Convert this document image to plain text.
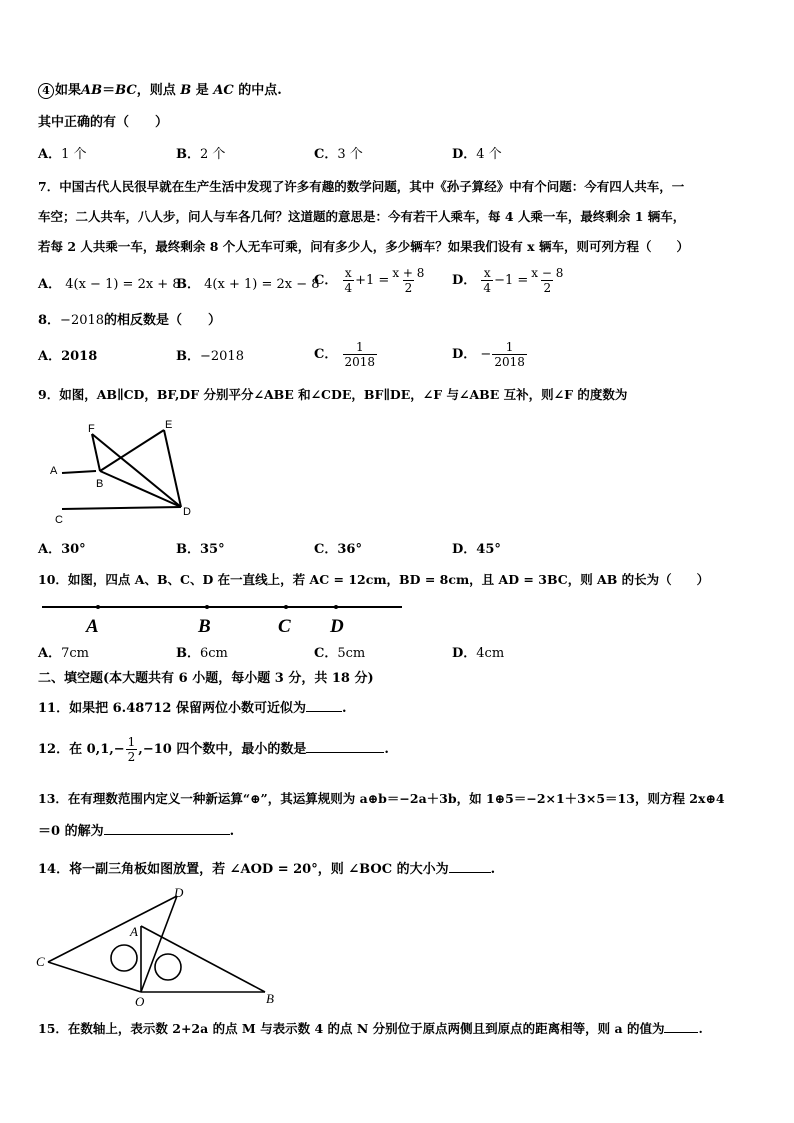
4 如果AB＝BC，则点 B 是 AC 的中点.
其中正确的有（　　）
A．1 个	B．2 个	C．3 个	D．4 个
7．中国古代人民很早就在生产生活中发现了许多有趣的数学问题，其中《孙子算经》中有个问题：今有四人共车，一
车空；二人共车，八人步，问人与车各几何？这道题的意思是：今有若干人乘车，每 4 人乘一车，最终剩余 1 辆车，
若每 2 人共乘一车，最终剩余 8 个人无车可乘，问有多少人，多少辆车？如果我们设有 x 辆车，则可列方程（　　）
A． 4(x − 1) = 2x + 8
B． 4(x + 1) = 2x − 8
C． $\frac{x}{4} +1 = \frac{x + 8}{2}$ D． $\frac{x}{4} -1 = \frac{x - 8}{2}$
8．−2018的相反数是（　　）
A．2018	B．−2018	C． $\frac{1}{2018}$	D． − $\frac{1}{2018}$
9．如图，AB∥CD，BF,DF 分别平分∠ABE 和∠CDE，BF∥DE，∠F 与∠ABE 互补，则∠F 的度数为
F	E
A
B
C
D
A．30°	B．35°	C．36°	D．45°
10．如图，四点 A、B、C、D 在一直线上，若 AC = 12cm，BD = 8cm，且 AD = 3BC，则 AB 的长为（　　）
A	B	C D
A．7cm	B．6cm	C．5cm	D．4cm
二、填空题(本大题共有 6 小题，每小题 3 分，共 18 分)
11．如果把 6.48712 保留两位小数可近似为	.
12．在 $0,1,- \frac{1}{2} ,-10$ 四个数中，最小的数是	.
13．在有理数范围内定义一种新运算“⊕”，其运算规则为 a⊕b＝−2a＋3b，如 1⊕5＝−2×1＋3×5＝13，则方程 2x⊕4
＝0 的解为	.
14．将一副三角板如图放置，若 ∠AOD = 20°，则 ∠BOC 的大小为	.
D
A
C
O	B
15．在数轴上，表示数 2+2a 的点 M 与表示数 4 的点 N 分别位于原点两侧且到原点的距离相等，则 a 的值为	.
